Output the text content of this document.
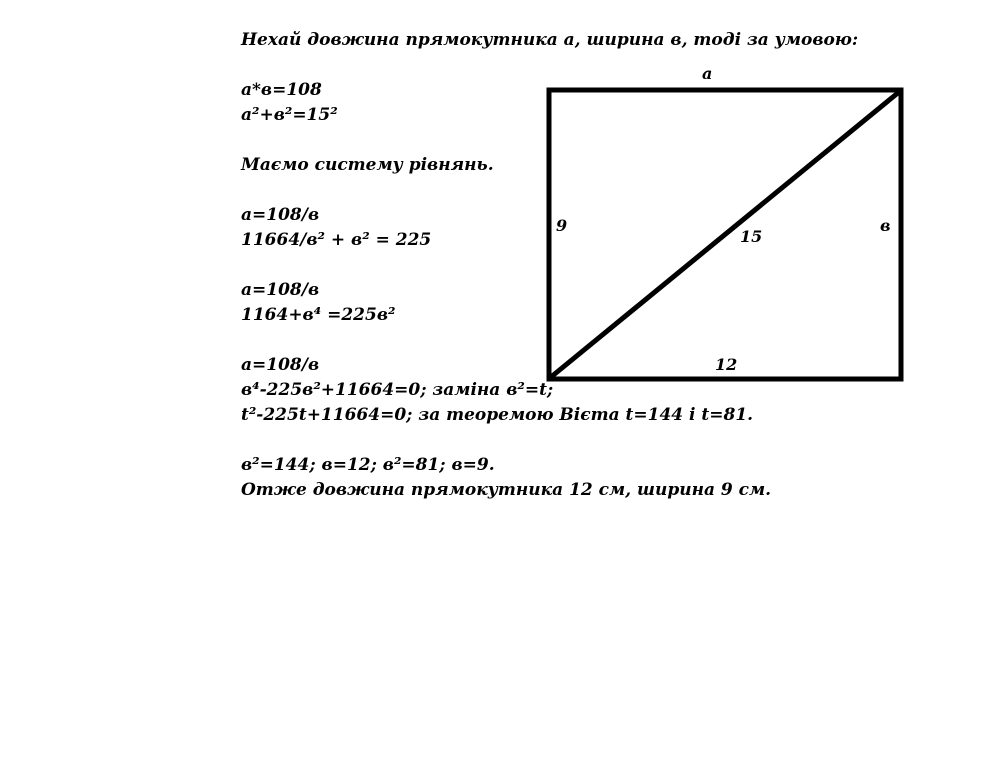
Нехай довжина прямокутника а, ширина в, тоді за умовою:
а*в=108
а²+в²=15²
Маємо систему рівнянь.
а=108/в
11664/в² + в² = 225
а=108/в
1164+в⁴ =225в²
а=108/в
в⁴-225в²+11664=0; заміна в²=t;
t²-225t+11664=0; за теоремою Вієта t=144 і t=81.
в²=144; в=12; в²=81; в=9.
Отже довжина прямокутника 12 см, ширина 9 см.
а
9
15
в
12
